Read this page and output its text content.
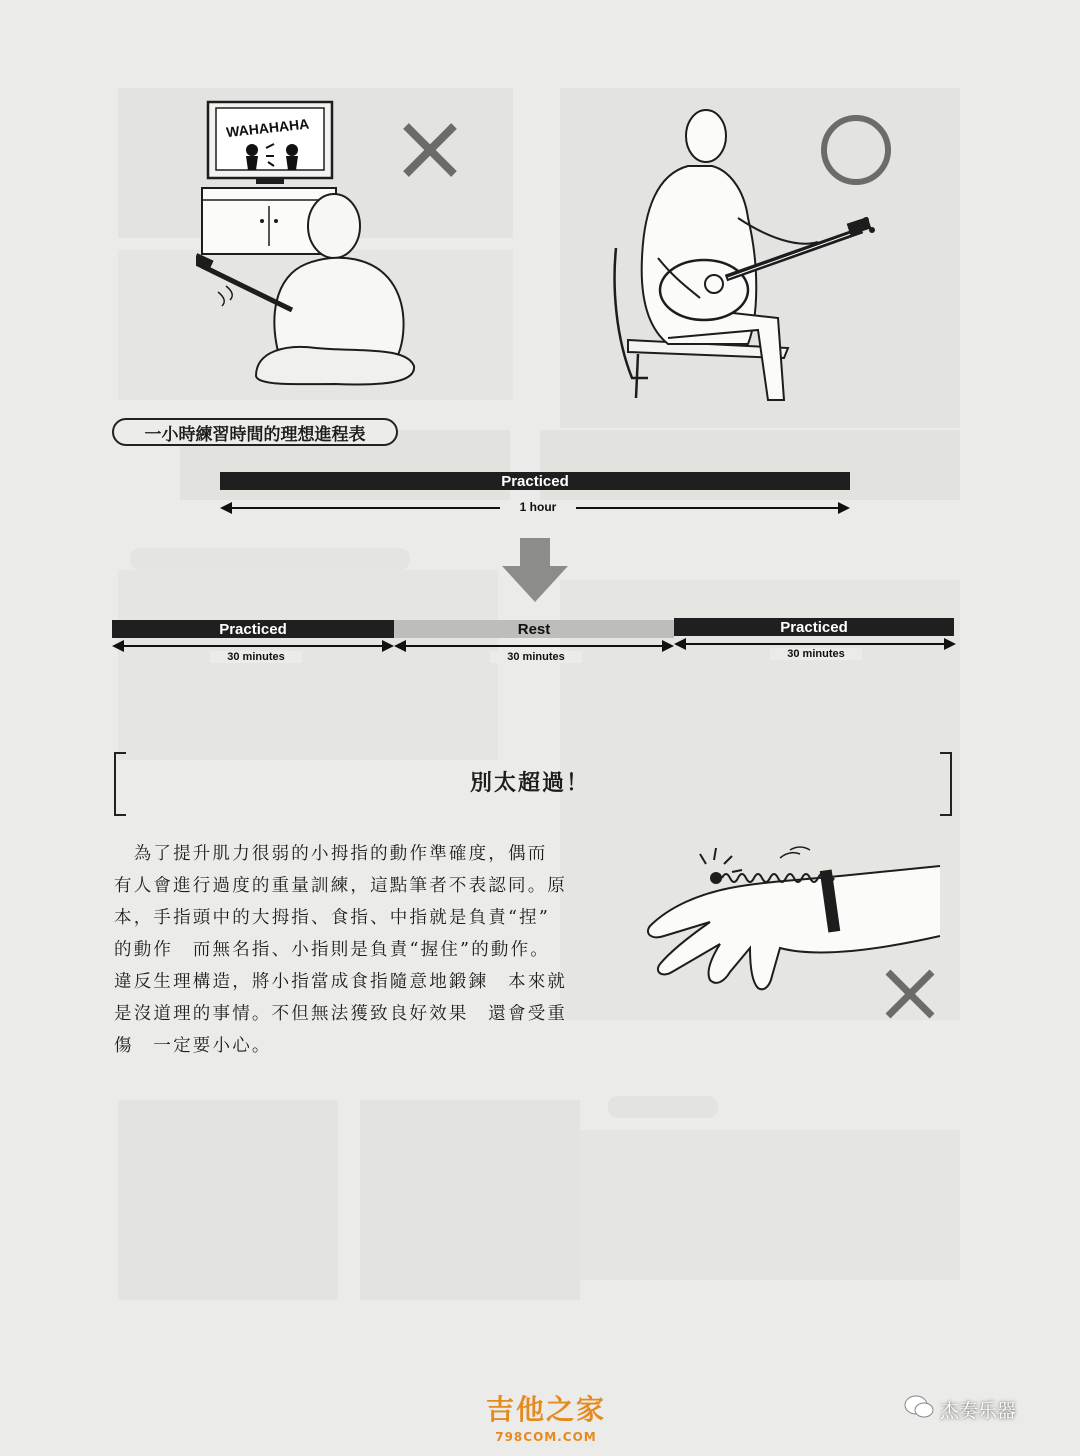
WAHAHAHA
一小時練習時間的理想進程表
Practiced
1 hour
Practiced	Rest	Practiced
30 minutes	30 minutes	30 minutes
別太超過！
　為了提升肌力很弱的小拇指的動作準確度，偶而
有人會進行過度的重量訓練，這點筆者不表認同。原
本，手指頭中的大拇指、食指、中指就是負責“捏”
的動作　而無名指、小指則是負責“握住”的動作。
違反生理構造，將小指當成食指隨意地鍛鍊　本來就
是沒道理的事情。不但無法獲致良好效果　還會受重
傷　一定要小心。
吉他之家
798COM.COM
杰奏乐器
